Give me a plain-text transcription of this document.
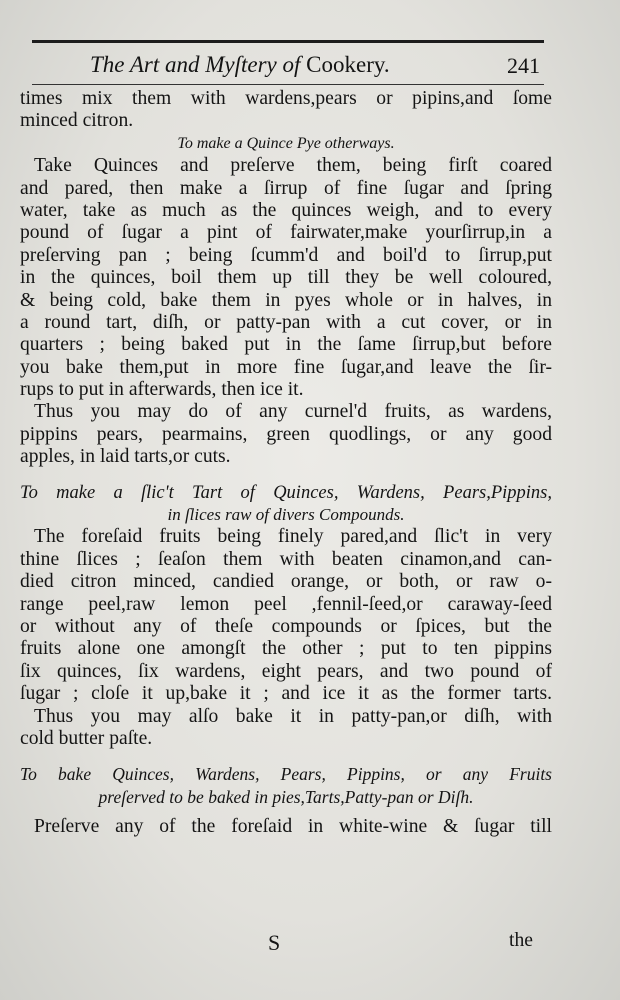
The Art and Myſtery of Cookery.	241
times mix them with wardens,pears or pipins,and ſome
minced citron.
To make a Quince Pye otherways.
Take Quinces and preſerve them, being firſt coared
and pared, then make a ſirrup of fine ſugar and ſpring
water, take as much as the quinces weigh, and to every
pound of ſugar a pint of fairwater,make yourſirrup,in a
preſerving pan ; being ſcumm'd and boil'd to ſirrup,put
in the quinces, boil them up till they be well coloured,
& being cold, bake them in pyes whole or in halves, in
a round tart, diſh, or patty-pan with a cut cover, or in
quarters ; being baked put in the ſame ſirrup,but before
you bake them,put in more fine ſugar,and leave the ſir-
rups to put in afterwards, then ice it.
Thus you may do of any curnel'd fruits, as wardens,
pippins pears, pearmains, green quodlings, or any good
apples, in laid tarts,or cuts.
To make a ſlic't Tart of Quinces, Wardens, Pears,Pippins,
in ſlices raw of divers Compounds.
The foreſaid fruits being finely pared,and ſlic't in very
thine ſlices ; ſeaſon them with beaten cinamon,and can-
died citron minced, candied orange, or both, or raw o-
range peel,raw lemon peel ,fennil-ſeed,or caraway-ſeed
or without any of theſe compounds or ſpices, but the
fruits alone one amongſt the other ; put to ten pippins
ſix quinces, ſix wardens, eight pears, and two pound of
ſugar ; cloſe it up,bake it ; and ice it as the former tarts.
Thus you may alſo bake it in patty-pan,or diſh, with
cold butter paſte.
To bake Quinces, Wardens, Pears, Pippins, or any Fruits
preſerved to be baked in pies,Tarts,Patty-pan or Diſh.
Preſerve any of the foreſaid in white-wine & ſugar till
S	the
